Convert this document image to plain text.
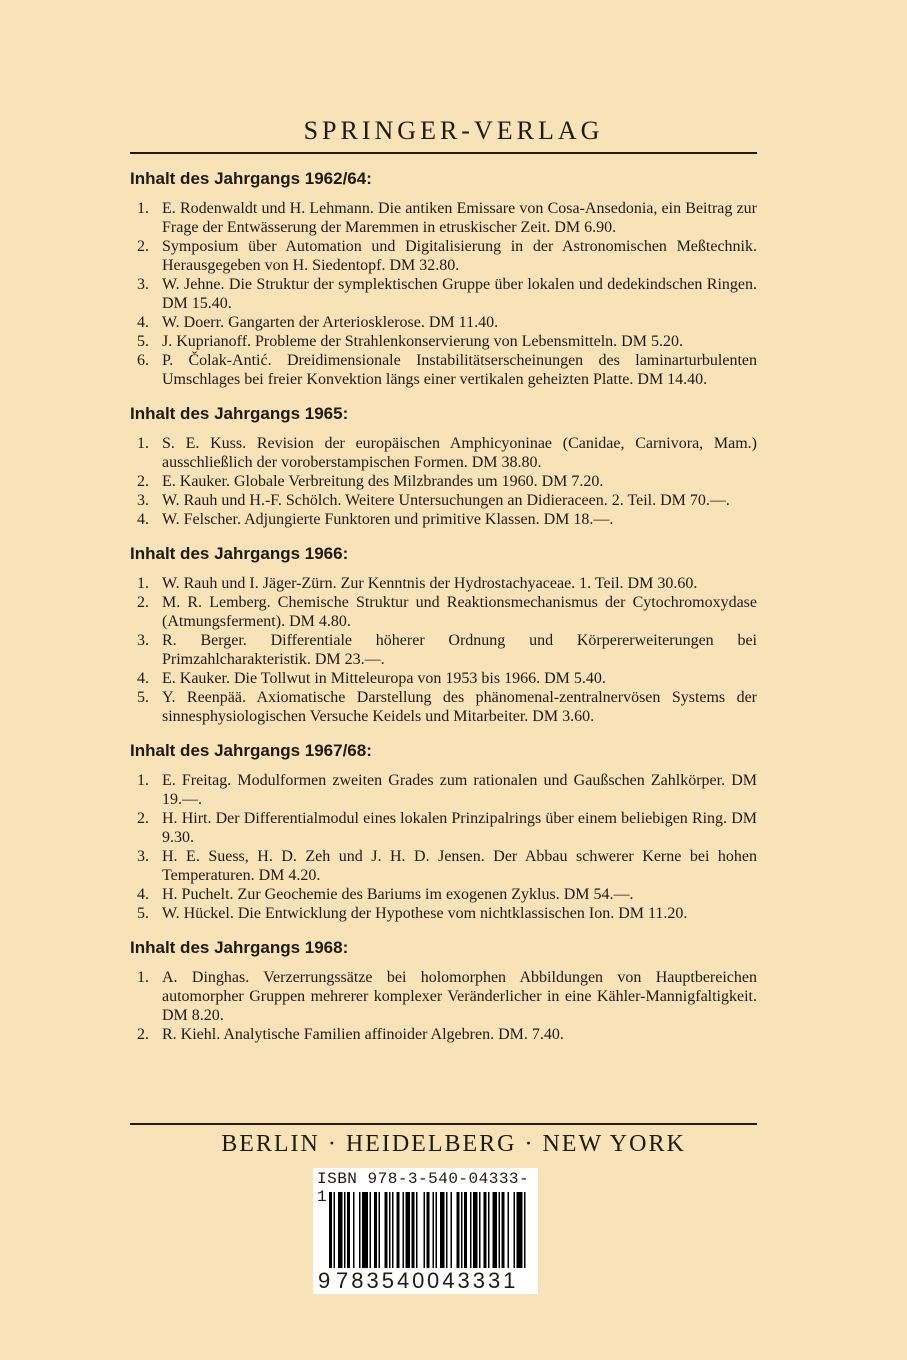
SPRINGER-VERLAG
Inhalt des Jahrgangs 1962/64:
1. E. Rodenwaldt und H. Lehmann. Die antiken Emissare von Cosa-Ansedonia, ein Beitrag zur Frage der Entwässerung der Maremmen in etruskischer Zeit. DM 6.90.
2. Symposium über Automation und Digitalisierung in der Astronomischen Meßtechnik. Herausgegeben von H. Siedentopf. DM 32.80.
3. W. Jehne. Die Struktur der symplektischen Gruppe über lokalen und dedekindschen Ringen. DM 15.40.
4. W. Doerr. Gangarten der Arteriosklerose. DM 11.40.
5. J. Kuprianoff. Probleme der Strahlenkonservierung von Lebensmitteln. DM 5.20.
6. P. Čolak-Antić. Dreidimensionale Instabilitätserscheinungen des laminarturbulenten Umschlages bei freier Konvektion längs einer vertikalen geheizten Platte. DM 14.40.
Inhalt des Jahrgangs 1965:
1. S. E. Kuss. Revision der europäischen Amphicyoninae (Canidae, Carnivora, Mam.) ausschließlich der voroberstampischen Formen. DM 38.80.
2. E. Kauker. Globale Verbreitung des Milzbrandes um 1960. DM 7.20.
3. W. Rauh und H.-F. Schölch. Weitere Untersuchungen an Didieraceen. 2. Teil. DM 70.—.
4. W. Felscher. Adjungierte Funktoren und primitive Klassen. DM 18.—.
Inhalt des Jahrgangs 1966:
1. W. Rauh und I. Jäger-Zürn. Zur Kenntnis der Hydrostachyaceae. 1. Teil. DM 30.60.
2. M. R. Lemberg. Chemische Struktur und Reaktionsmechanismus der Cytochromoxydase (Atmungsferment). DM 4.80.
3. R. Berger. Differentiale höherer Ordnung und Körpererweiterungen bei Primzahlcharakteristik. DM 23.—.
4. E. Kauker. Die Tollwut in Mitteleuropa von 1953 bis 1966. DM 5.40.
5. Y. Reenpää. Axiomatische Darstellung des phänomenal-zentralnervösen Systems der sinnesphysiologischen Versuche Keidels und Mitarbeiter. DM 3.60.
Inhalt des Jahrgangs 1967/68:
1. E. Freitag. Modulformen zweiten Grades zum rationalen und Gaußschen Zahlkörper. DM 19.—.
2. H. Hirt. Der Differentialmodul eines lokalen Prinzipalrings über einem beliebigen Ring. DM 9.30.
3. H. E. Suess, H. D. Zeh und J. H. D. Jensen. Der Abbau schwerer Kerne bei hohen Temperaturen. DM 4.20.
4. H. Puchelt. Zur Geochemie des Bariums im exogenen Zyklus. DM 54.—.
5. W. Hückel. Die Entwicklung der Hypothese vom nichtklassischen Ion. DM 11.20.
Inhalt des Jahrgangs 1968:
1. A. Dinghas. Verzerrungssätze bei holomorphen Abbildungen von Hauptbereichen automorpher Gruppen mehrerer komplexer Veränderlicher in eine Kähler-Mannigfaltigkeit. DM 8.20.
2. R. Kiehl. Analytische Familien affinoider Algebren. DM. 7.40.

BERLIN · HEIDELBERG · NEW YORK

ISBN 978-3-540-04333-1
9 783540 043331
